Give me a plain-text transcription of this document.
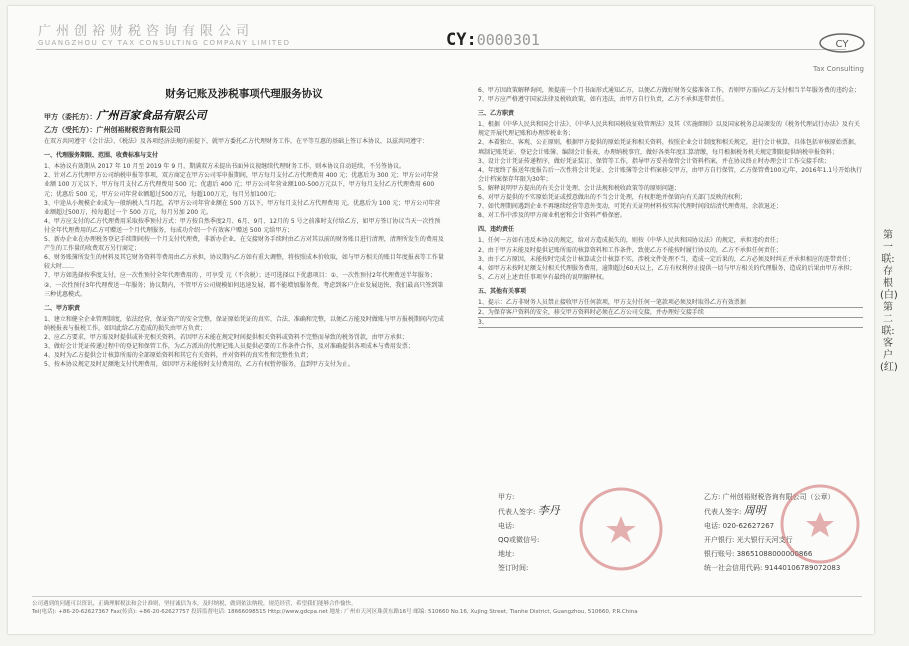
广州创裕财税咨询有限公司
GUANGZHOU CY TAX CONSULTING COMPANY LIMITED	CY:0000301	CY
Tax Consulting
财务记账及涉税事项代理服务协议
甲方（委托方）：广州百家食品有限公司
乙方（受托方）：广州创裕财税咨询有限公司

在双方共同遵守《会计法》、《税法》及各项经济法规的前提下，就甲方委托乙方代理财务工作，在平等互惠的基础上签订本协议，以兹共同遵守：

一、代理服务期限、范围、收费标准与支付

1、本协议有效期从 2017 年 10 月至 2019 年 9 月，期满双方未提出书面异议视继续代理财务工作，则本协议自动延续，不另签协议。

2、针对乙方代理甲方公司纳税申报等事项，双方商定在甲方公司零申报期间，甲方每月支付乙方代理费用 400 元；优惠后为 300 元；甲方公司年营业额 100 万元以下，甲方每月支付乙方代理费用 500 元；优惠后 400 元；甲方公司年营业额100-500万元以下，甲方每月支付乙方代理费用 600 元；优惠后 500 元，甲方公司年营业额超过500万元，每超100万元，每月另加100元；

3、中途从小规模企业成为一般纳税人当月起，若甲方公司年营业额在 500 万以下，甲方每月支付乙方代理费用 元，优惠后为 100 元；甲方公司年营业额超过500万，按每超过一个 500 万元，每月另加 200 元。

4、甲方应支付的乙方代理费用采取按季预付方式：甲方按自然季度2月、6月、9月、12月的 5 号之前准时支付给乙方，如甲方签订协议当天一次性预付全年代理费用的乙方可赠送一个月代理服务，每成功介绍一个有效客户赠送 500 元给甲方；

5、新办企业在办理税务登记手续期间按一个月支付代理费，非新办企业，在交接财务手续时由乙方对其以前的财务账目进行清理，清理所发生的费用及产生的工作量的收费双方另行商定；

6、财务账簿所发生的材料及其它财务资料等费用由乙方承担，协议期内乙方如有重大调整，将按照成本价收取，如与甲方相关的账目年度报表等工作量较大时……

7、甲方如选择按季度支付，应一次性预付全年代理费用的 ，可享受 元（不含税）；还可选择以下优惠项目：①、一次性预付2年代理费送半年服务；②、一次性预付3年代理费送一年服务；协议期内，不管甲方公司规模如何迅速发展，都不能增加服务费。考虑到客户企业发展迅快，我们最高只签到第三种优惠模式。

二、甲方职责

1、建立和健全企业管理制度，依法经营，保证资产的安全完整，保证原始凭证的真实、合法、准确和完整，以便乙方能及时做账与甲方报税期间内完成纳税报表与报税工作，如因此给乙方造成的损失由甲方负责；

2、应乙方要求，甲方需及时提供或补充相关资料，若因甲方未能在规定时间提供相关资料或资料不完整而导致的税务罚款，由甲方承担；

3、做好会计凭证传递过程中的登记和保管工作，为乙方派出的代理记账人员提供必要的工作条件合作，及对准确提供各项成本与费用发票；

4、及时为乙方提供会计核算所需的全部原始资料和其它有关资料，并对资料的真实性和完整性负责；

5、按本协议规定及时足额地支付代理费用，如因甲方未能按时支付费用的，乙方有权暂停服务，直到甲方支付为止。

6、甲方因政策解释询问，须提前一个月书面形式通知乙方，以便乙方做好财务交接准备工作，否则甲方需向乙方支付相当半年服务费的违约金；

7、甲方应严格遵守国家法律及税收政策，如有违法，由甲方自行负责，乙方不承担连带责任。

三、乙方职责

1、根据《中华人民共和国会计法》、《中华人民共和国税收征收管理法》及其《实施细则》以及国家税务总局颁发的《税务代理试行办法》及有关规定开展代理记账和办理涉税业务；

2、本着独立、客观、公正原则，根据甲方提供的原始凭证和相关资料，按照企业会计制度和相关规定，进行会计核算，具体包括审核原始票据、填制记账凭证、登记会计账簿、编制会计报表，办理纳税事宜，做好各类年度汇算清缴，每月根据税务机关规定期限提供纳税申报资料；

3、设计会计凭证传递程序，做好凭证装订、保管等工作，指导甲方妥善保管会计资料档案，并在协议终止时办理会计工作交接手续；

4、年度终了报送年度报告后一次性将会计凭证、会计账簿等会计档案移交甲方，由甲方自行保管，乙方保管费100元/年，2016年1.1号开始执行会计档案保存年限为30年；

5、解释说明甲方提出的有关会计处理、会计法规和税收政策等的原则问题；

6、对甲方提供的不实原始凭证或授意做出的不当会计处理，有权拒绝并保留向有关部门反映的权利；

7、如代理期间遇到企业不再继续经营等意外变动，可凭有关证明材料按实际代理时间段结清代理费用，余款退还；

8、对工作中涉及的甲方商业机密和会计资料严格保密。

四、违约责任

1、任何一方如有违反本协议的规定，给对方造成损失的，则按《中华人民共和国协议法》的规定，承担违约责任；

2、由于甲方未能及时提供记账所需的核算资料和工作条件，致使乙方不能按时履行协议的，乙方不承担任何责任；

3、由于乙方原因，未能按时完成会计核算或会计核算不实，涉税文件处理不当，造成一定后果的，乙方必须及时纠正并承担相应的连带责任；

4、如甲方未按时足额支付相关代理服务费用，逾期超过60天以上，乙方有权利停止提供一切与甲方相关的代理服务，造成的后果由甲方承担；

5、乙方对上述责任事项享有最终的说明解释权。

五、其他有关事项

1、提示：乙方非财务人员禁止接收甲方任何款项，甲方支付任何一笔款项必须及时取得乙方有效票据

2、为保存客户资料的安全，移交甲方资料时必须在乙方公司交接，并办理好交接手续

3、

甲方:
代表人签字: 李丹
电话:
QQ或微信号:
地址:
签订时间:
乙方: 广州创裕财税咨询有限公司（公章）
代表人签字: 周明
电话: 020-62627267
开户银行: 光大银行天河支行
银行账号: 38651088000000866
统一社会信用代码: 91440106789072083
公司遇到的问题可以资讯，正确理解税法和会计准则，坚持诚信为本，及时纳税，做到依法纳税，规范经营，希望我们能够合作愉快。
Tel(电话): +86-20-62627367 Fax(传真): +86-20-62627757 投诉监督电话: 18666098515 Http://www.gdcpa.net 地址: 广州市天河区珠黄东路16号 邮编: 510660 No.16, Xujing Street, Tianhe District, Guangzhou, 510660, P.R.China
第一联:存根(白) 第二联:客户(红)
